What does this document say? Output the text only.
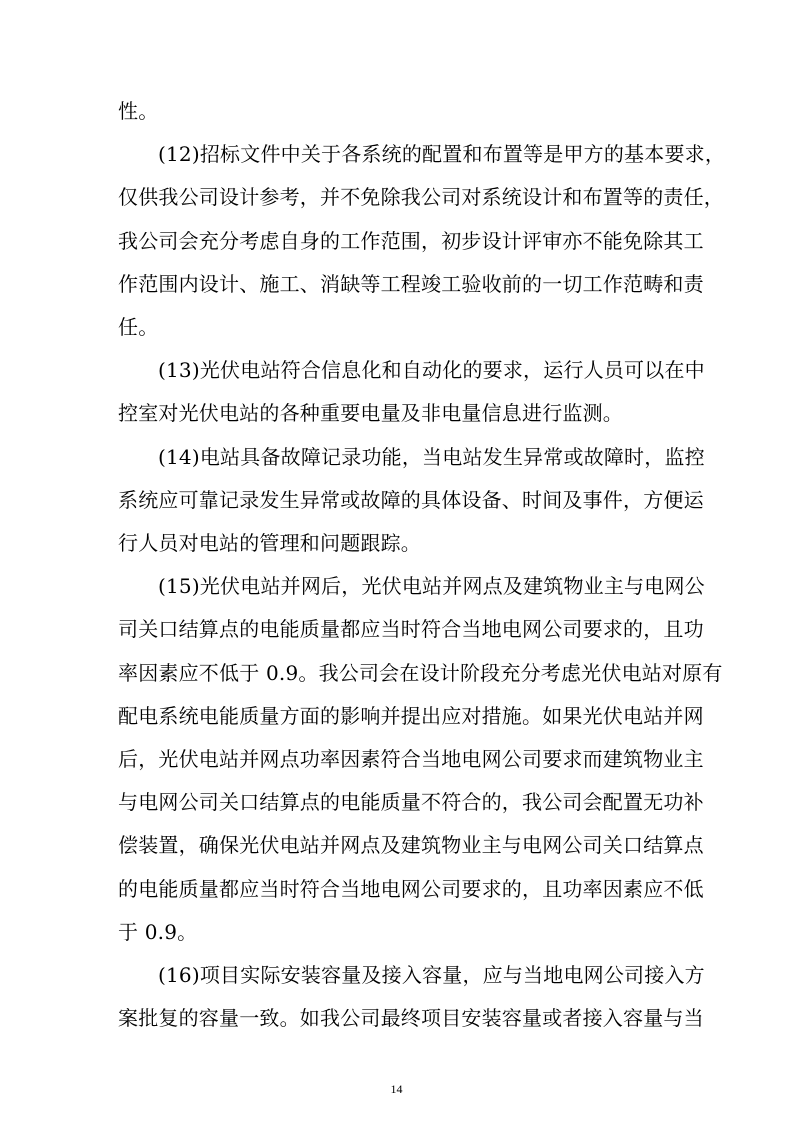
性。
(12)招标文件中关于各系统的配置和布置等是甲方的基本要求，
仅供我公司设计参考，并不免除我公司对系统设计和布置等的责任，
我公司会充分考虑自身的工作范围，初步设计评审亦不能免除其工
作范围内设计、施工、消缺等工程竣工验收前的一切工作范畴和责
任。
(13)光伏电站符合信息化和自动化的要求，运行人员可以在中
控室对光伏电站的各种重要电量及非电量信息进行监测。
(14)电站具备故障记录功能，当电站发生异常或故障时，监控
系统应可靠记录发生异常或故障的具体设备、时间及事件，方便运
行人员对电站的管理和问题跟踪。
(15)光伏电站并网后，光伏电站并网点及建筑物业主与电网公
司关口结算点的电能质量都应当时符合当地电网公司要求的，且功
率因素应不低于 0.9。我公司会在设计阶段充分考虑光伏电站对原有
配电系统电能质量方面的影响并提出应对措施。如果光伏电站并网
后，光伏电站并网点功率因素符合当地电网公司要求而建筑物业主
与电网公司关口结算点的电能质量不符合的，我公司会配置无功补
偿装置，确保光伏电站并网点及建筑物业主与电网公司关口结算点
的电能质量都应当时符合当地电网公司要求的，且功率因素应不低
于 0.9。
(16)项目实际安装容量及接入容量，应与当地电网公司接入方
案批复的容量一致。如我公司最终项目安装容量或者接入容量与当
14
